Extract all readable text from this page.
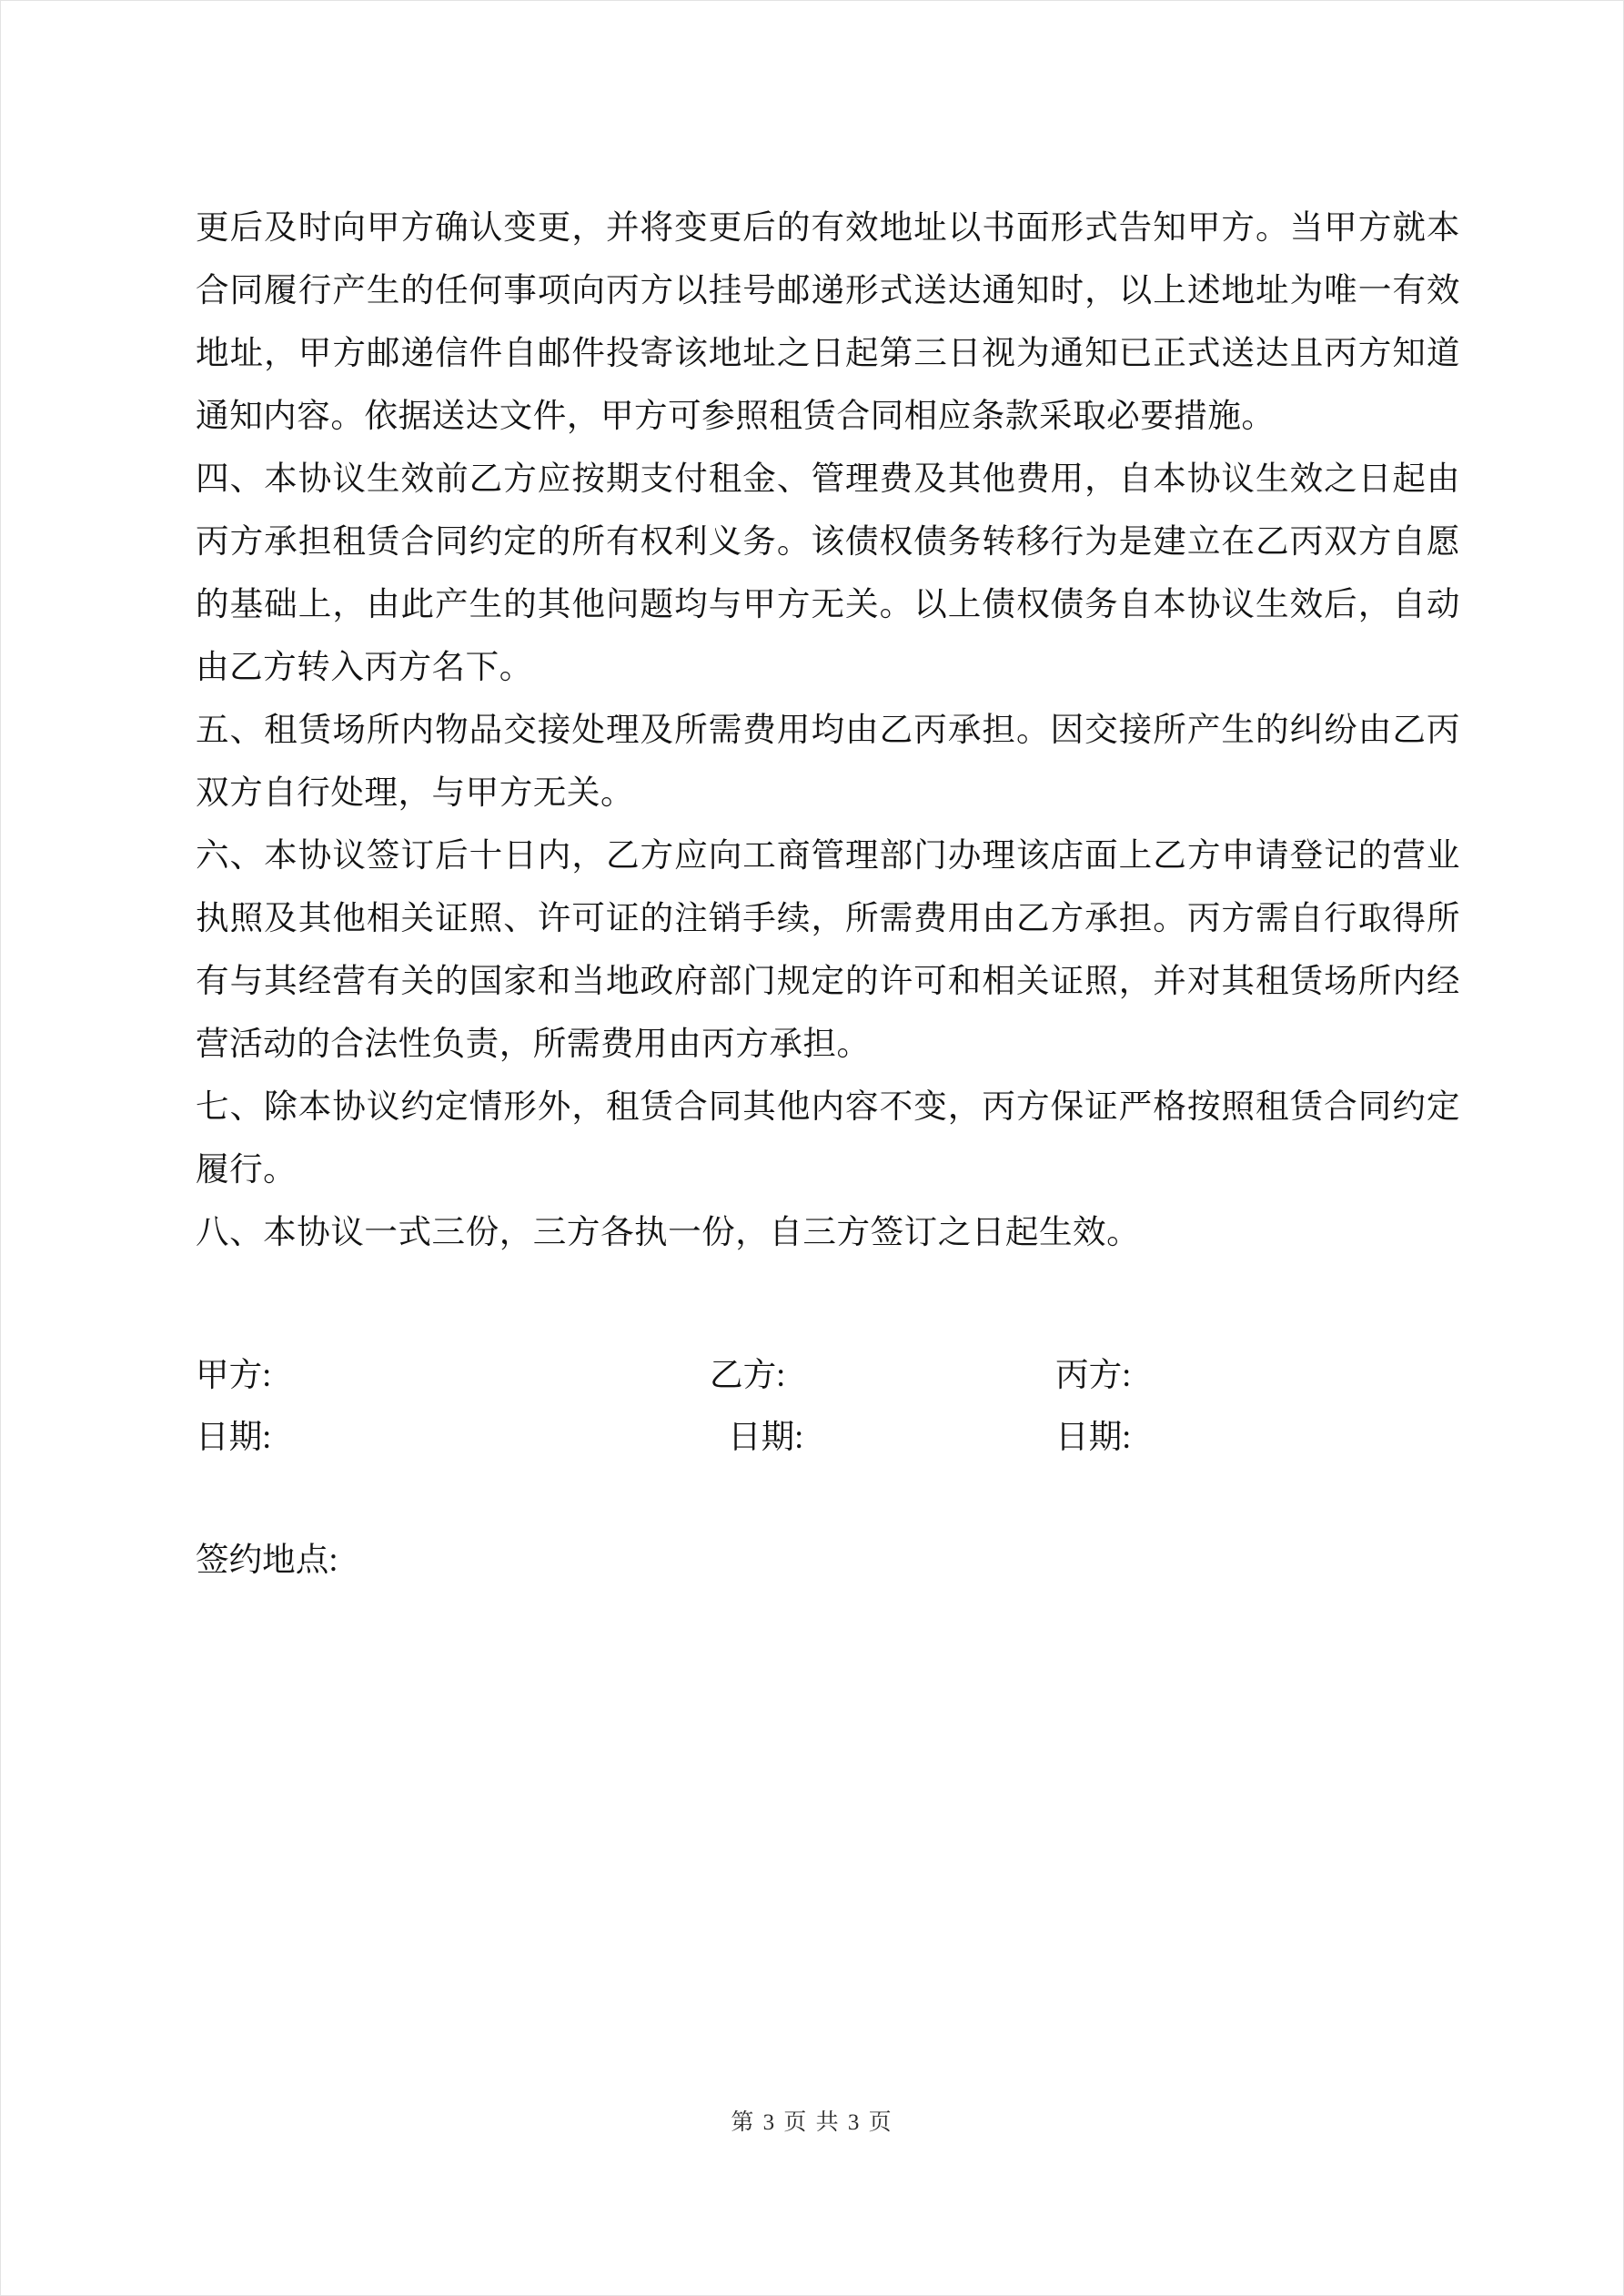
更后及时向甲方确认变更，并将变更后的有效地址以书面形式告知甲方。当甲方就本合同履行产生的任何事项向丙方以挂号邮递形式送达通知时，以上述地址为唯一有效地址，甲方邮递信件自邮件投寄该地址之日起第三日视为通知已正式送达且丙方知道通知内容。依据送达文件，甲方可参照租赁合同相应条款采取必要措施。

四、本协议生效前乙方应按期支付租金、管理费及其他费用，自本协议生效之日起由丙方承担租赁合同约定的所有权利义务。该债权债务转移行为是建立在乙丙双方自愿的基础上，由此产生的其他问题均与甲方无关。以上债权债务自本协议生效后，自动由乙方转入丙方名下。

五、租赁场所内物品交接处理及所需费用均由乙丙承担。因交接所产生的纠纷由乙丙双方自行处理，与甲方无关。

六、本协议签订后十日内，乙方应向工商管理部门办理该店面上乙方申请登记的营业执照及其他相关证照、许可证的注销手续，所需费用由乙方承担。丙方需自行取得所有与其经营有关的国家和当地政府部门规定的许可和相关证照，并对其租赁场所内经营活动的合法性负责，所需费用由丙方承担。

七、除本协议约定情形外，租赁合同其他内容不变，丙方保证严格按照租赁合同约定履行。

八、本协议一式三份，三方各执一份，自三方签订之日起生效。

甲方:	乙方:	丙方:
日期:	日期:	日期:
签约地点:
第 3 页 共 3 页
